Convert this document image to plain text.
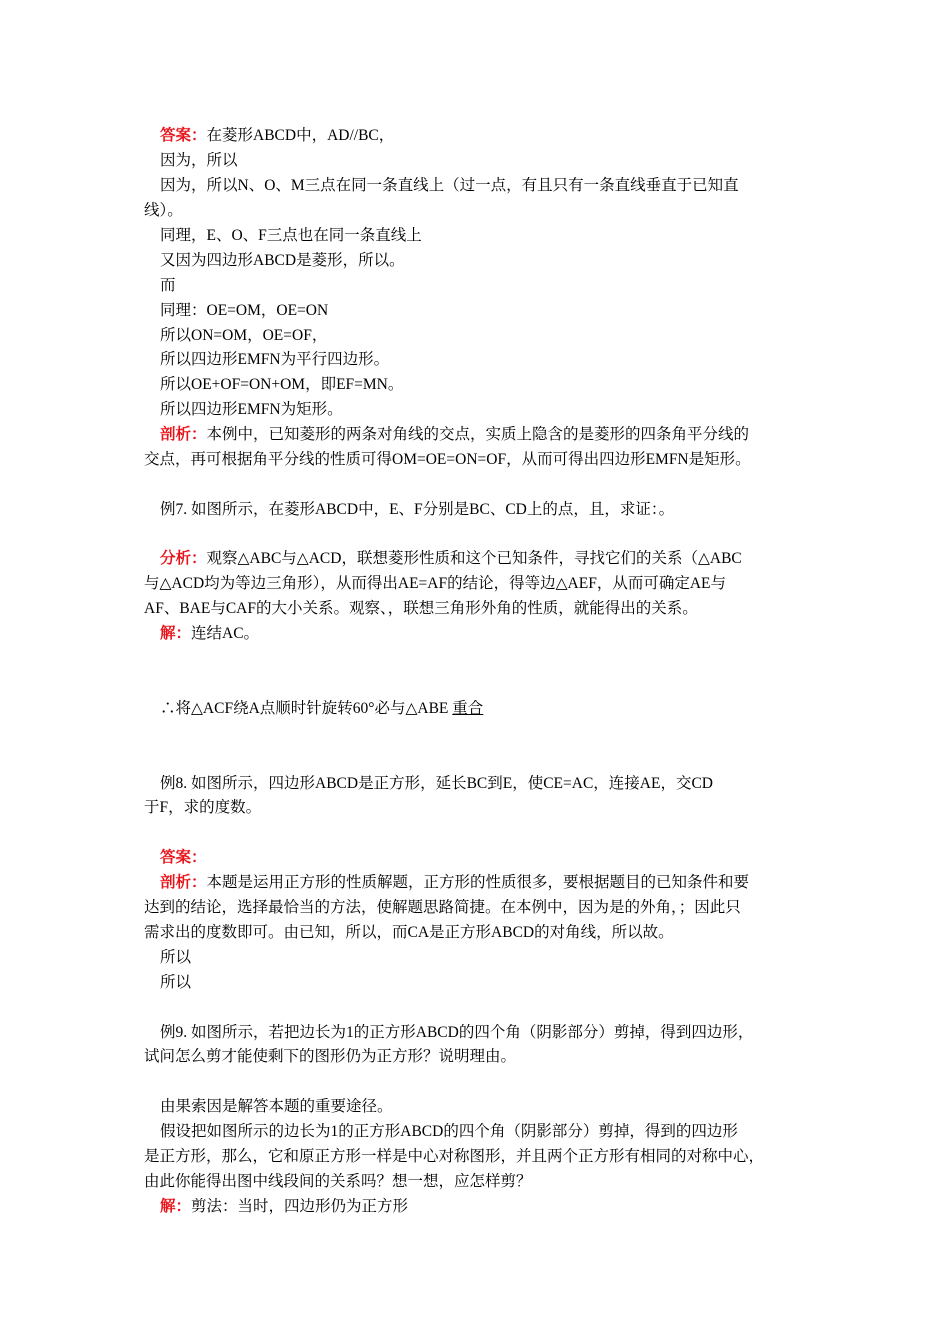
答案：在菱形ABCD中，AD//BC，
因为，所以
因为，所以N、O、M三点在同一条直线上（过一点，有且只有一条直线垂直于已知直
线）。
同理，E、O、F三点也在同一条直线上
又因为四边形ABCD是菱形，所以。
而
同理：OE=OM，OE=ON
所以ON=OM，OE=OF，
所以四边形EMFN为平行四边形。
所以OE+OF=ON+OM，即EF=MN。
所以四边形EMFN为矩形。
剖析：本例中，已知菱形的两条对角线的交点，实质上隐含的是菱形的四条角平分线的
交点，再可根据角平分线的性质可得OM=OE=ON=OF，从而可得出四边形EMFN是矩形。
例7. 如图所示，在菱形ABCD中，E、F分别是BC、CD上的点，且，求证：。
分析：观察△ABC与△ACD，联想菱形性质和这个已知条件，寻找它们的关系（△ABC
与△ACD均为等边三角形），从而得出AE=AF的结论，得等边△AEF，从而可确定AE与
AF、BAE与CAF的大小关系。观察、，联想三角形外角的性质，就能得出的关系。
解：连结AC。
∴将△ACF绕A点顺时针旋转60°必与△ABE 重合
例8. 如图所示，四边形ABCD是正方形，延长BC到E，使CE=AC，连接AE，交CD
于F，求的度数。
答案：
剖析：本题是运用正方形的性质解题，正方形的性质很多，要根据题目的已知条件和要
达到的结论，选择最恰当的方法，使解题思路简捷。在本例中，因为是的外角，；因此只
需求出的度数即可。由已知，所以，而CA是正方形ABCD的对角线，所以故。
所以
所以
例9. 如图所示，若把边长为1的正方形ABCD的四个角（阴影部分）剪掉，得到四边形，
试问怎么剪才能使剩下的图形仍为正方形？说明理由。
由果索因是解答本题的重要途径。
假设把如图所示的边长为1的正方形ABCD的四个角（阴影部分）剪掉，得到的四边形
是正方形，那么，它和原正方形一样是中心对称图形，并且两个正方形有相同的对称中心，
由此你能得出图中线段间的关系吗？想一想，应怎样剪？
解：剪法：当时，四边形仍为正方形
